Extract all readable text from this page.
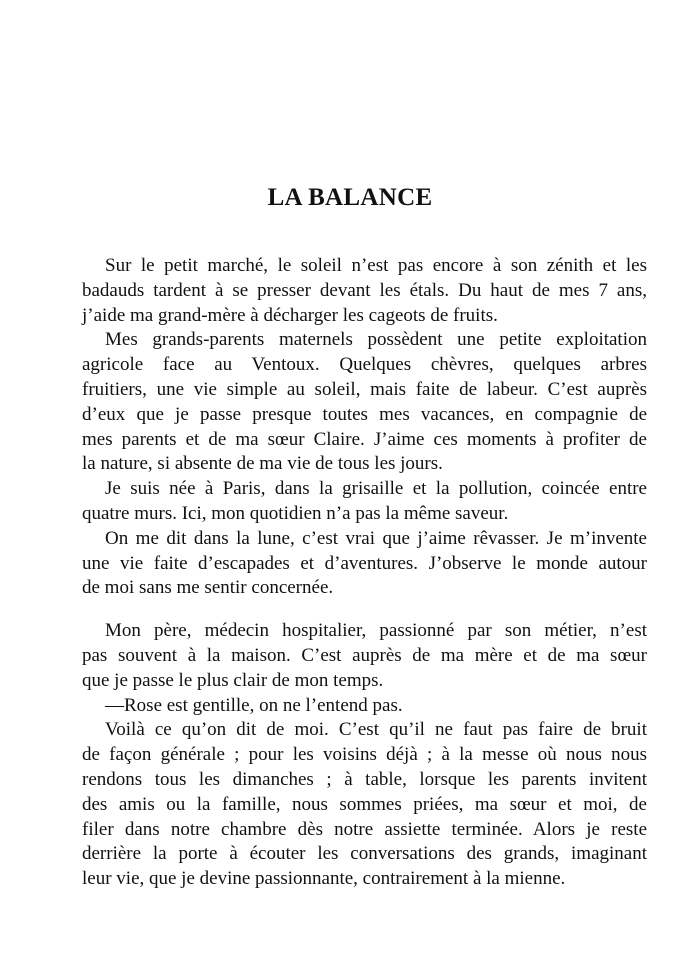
LA BALANCE
Sur le petit marché, le soleil n’est pas encore à son zénith et les
badauds tardent à se presser devant les étals. Du haut de mes 7 ans,
j’aide ma grand-mère à décharger les cageots de fruits.
Mes grands-parents maternels possèdent une petite exploitation
agricole face au Ventoux. Quelques chèvres, quelques arbres
fruitiers, une vie simple au soleil, mais faite de labeur. C’est auprès
d’eux que je passe presque toutes mes vacances, en compagnie de
mes parents et de ma sœur Claire. J’aime ces moments à profiter de
la nature, si absente de ma vie de tous les jours.
Je suis née à Paris, dans la grisaille et la pollution, coincée entre
quatre murs. Ici, mon quotidien n’a pas la même saveur.
On me dit dans la lune, c’est vrai que j’aime rêvasser. Je m’invente
une vie faite d’escapades et d’aventures. J’observe le monde autour
de moi sans me sentir concernée.
Mon père, médecin hospitalier, passionné par son métier, n’est
pas souvent à la maison. C’est auprès de ma mère et de ma sœur
que je passe le plus clair de mon temps.
—Rose est gentille, on ne l’entend pas.
Voilà ce qu’on dit de moi. C’est qu’il ne faut pas faire de bruit
de façon générale ; pour les voisins déjà ; à la messe où nous nous
rendons tous les dimanches ; à table, lorsque les parents invitent
des amis ou la famille, nous sommes priées, ma sœur et moi, de
filer dans notre chambre dès notre assiette terminée. Alors je reste
derrière la porte à écouter les conversations des grands, imaginant
leur vie, que je devine passionnante, contrairement à la mienne.
